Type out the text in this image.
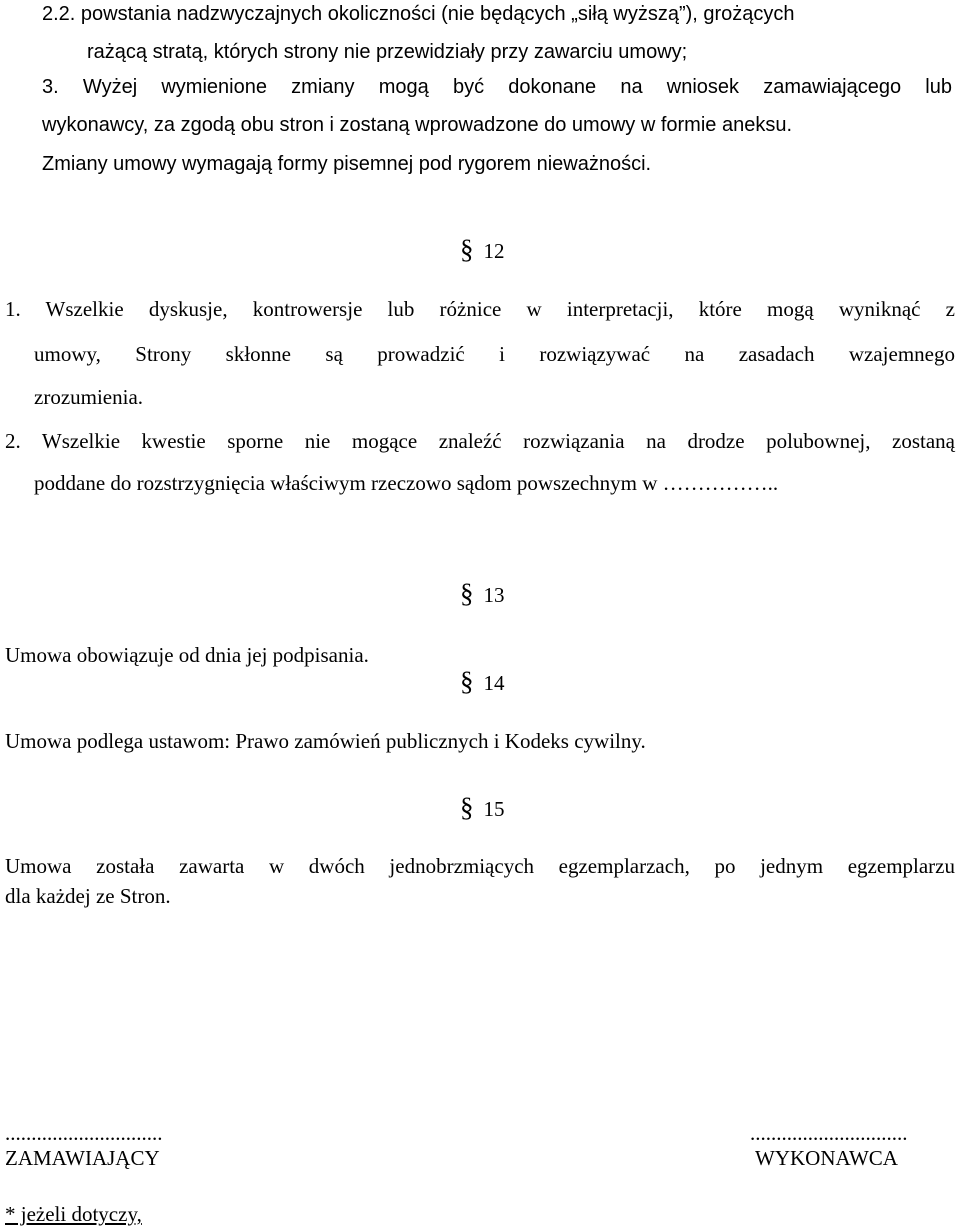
2.2. powstania nadzwyczajnych okoliczności (nie będących „siłą wyższą”), grożących
rażącą stratą, których strony nie przewidziały przy zawarciu umowy;
3. Wyżej wymienione zmiany mogą być dokonane na wniosek zamawiającego lub
wykonawcy, za zgodą obu stron i zostaną wprowadzone do umowy w formie aneksu.
Zmiany umowy wymagają formy pisemnej pod rygorem nieważności.
§ 12
1. Wszelkie dyskusje, kontrowersje lub różnice w interpretacji, które mogą wyniknąć z
umowy, Strony skłonne są prowadzić i rozwiązywać na zasadach wzajemnego
zrozumienia.
2. Wszelkie kwestie sporne nie mogące znaleźć rozwiązania na drodze polubownej, zostaną
poddane do rozstrzygnięcia właściwym rzeczowo sądom powszechnym w ……………..
§ 13
Umowa obowiązuje od dnia jej podpisania.
§ 14
Umowa podlega ustawom: Prawo zamówień publicznych i Kodeks cywilny.
§ 15
Umowa została zawarta w dwóch jednobrzmiących egzemplarzach, po jednym egzemplarzu
dla każdej ze Stron.
..............................	..............................
ZAMAWIAJĄCY	WYKONAWCA
* jeżeli dotyczy,
